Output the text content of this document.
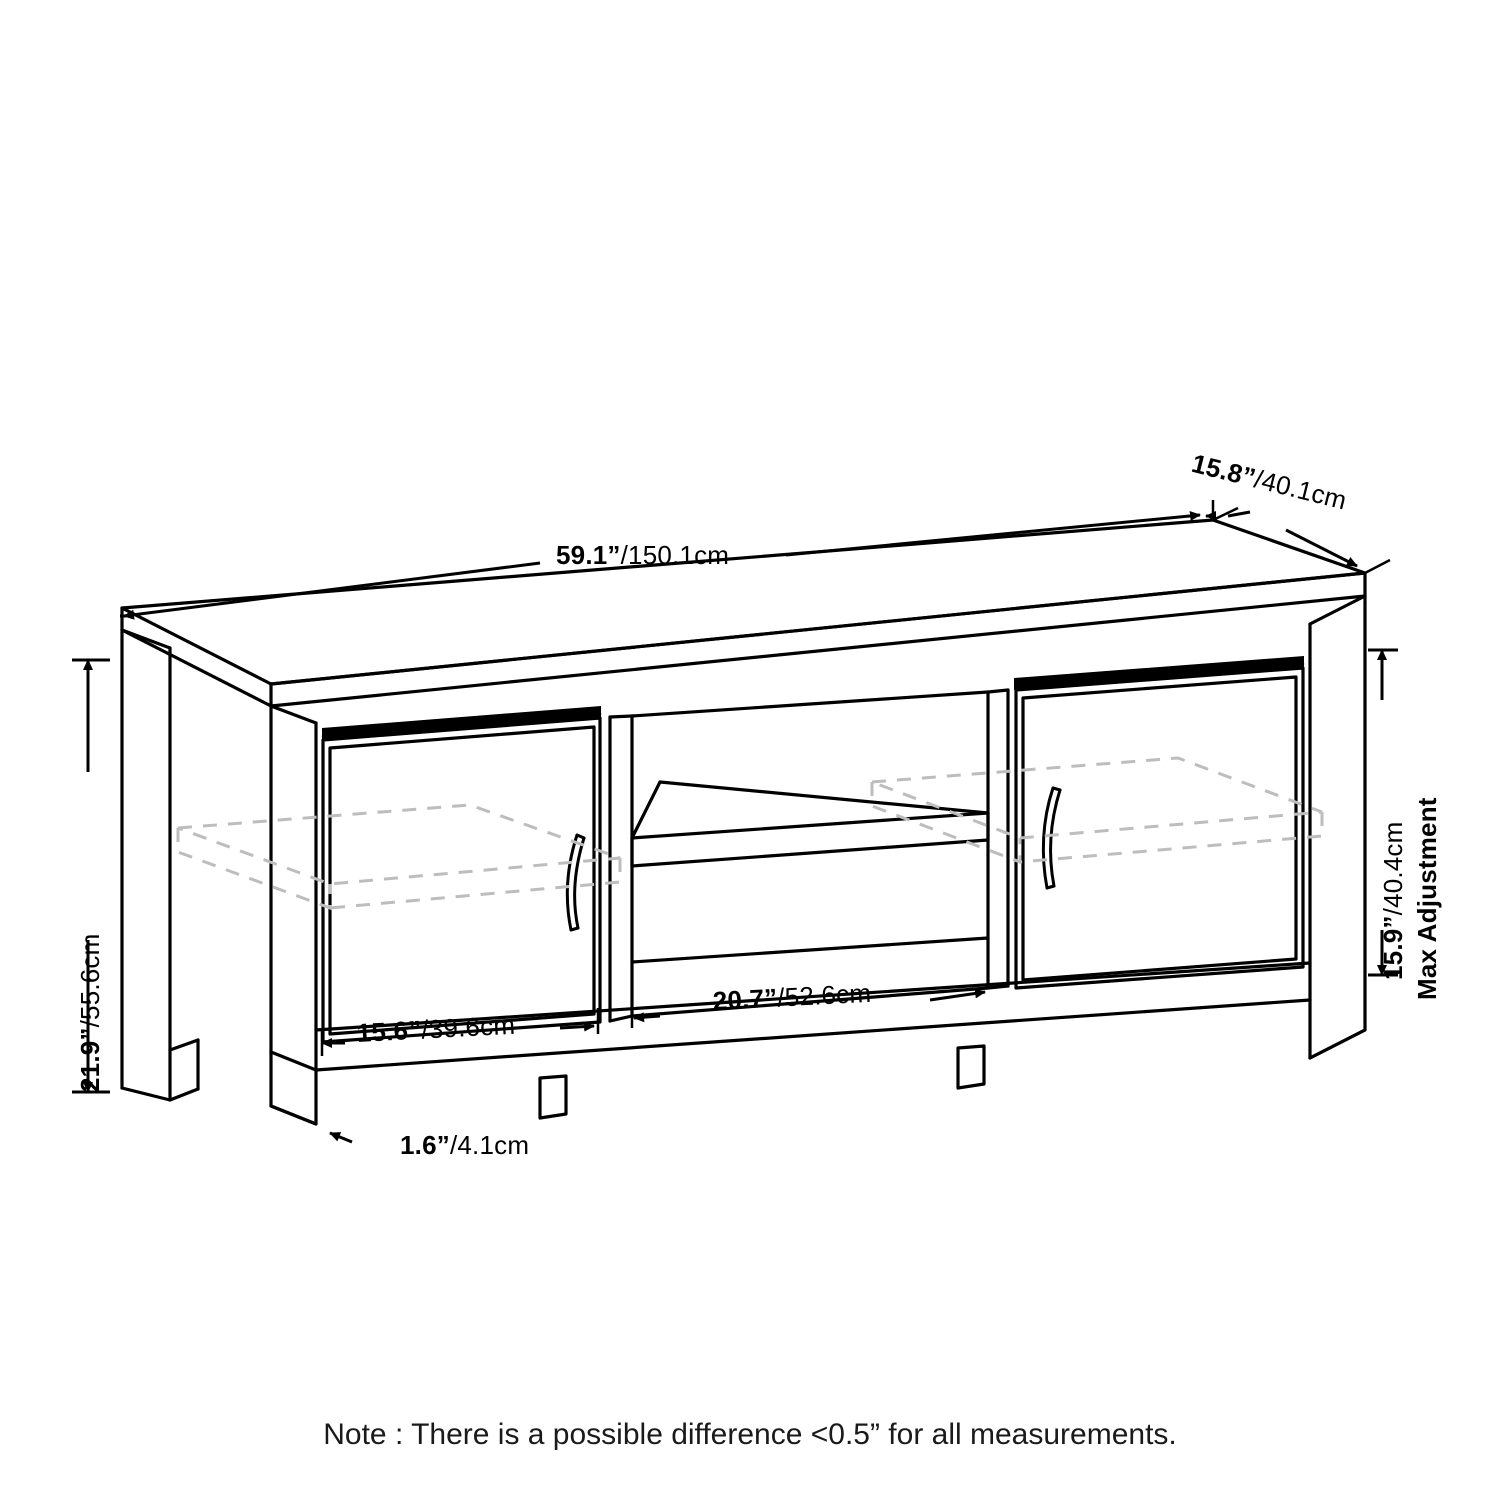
59.1”/150.1cm
15.8”/40.1cm
21.9”/55.6cm	Max Adjustment
15.9”/40.4cm
15.6”/39.6cm
20.7”/52.6cm
1.6”/4.1cm
Note : There is a possible difference <0.5” for all measurements.
